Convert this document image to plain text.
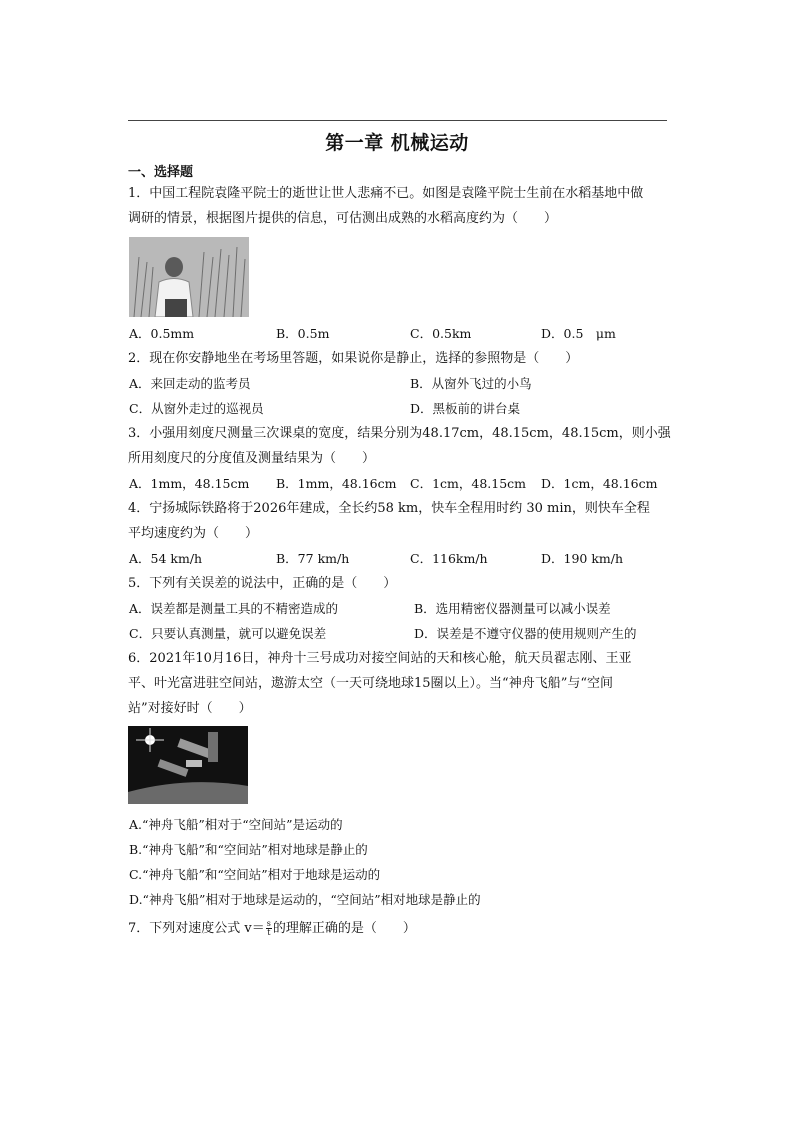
第一章 机械运动
一、选择题
1．中国工程院袁隆平院士的逝世让世人悲痛不已。如图是袁隆平院士生前在水稻基地中做
调研的情景，根据图片提供的信息，可估测出成熟的水稻高度约为（　　）
A．0.5mm	B．0.5m	C．0.5km	D．0.5　μm
2．现在你安静地坐在考场里答题，如果说你是静止，选择的参照物是（　　）
A．来回走动的监考员	B．从窗外飞过的小鸟
C．从窗外走过的巡视员	D．黑板前的讲台桌
3．小强用刻度尺测量三次课桌的宽度，结果分别为48.17cm，48.15cm，48.15cm，则小强
所用刻度尺的分度值及测量结果为（　　）
A．1mm，48.15cm B．1mm，48.16cm C．1cm，48.15cm D．1cm，48.16cm
4．宁扬城际铁路将于2026年建成，全长约58 km，快车全程用时约 30 min，则快车全程
平均速度约为（　　）
A．54 km/h	B．77 km/h	C．116km/h	D．190 km/h
5．下列有关误差的说法中，正确的是（　　）
A．误差都是测量工具的不精密造成的	B．选用精密仪器测量可以减小误差
C．只要认真测量，就可以避免误差	D．误差是不遵守仪器的使用规则产生的
6．2021年10月16日，神舟十三号成功对接空间站的天和核心舱，航天员翟志刚、王亚
平、叶光富进驻空间站，遨游太空（一天可绕地球15圈以上）。当“神舟飞船”与“空间
站”对接好时（　　）
A.“神舟飞船”相对于“空间站”是运动的
B.“神舟飞船”和“空间站”相对地球是静止的
C.“神舟飞船”和“空间站”相对于地球是运动的
D.“神舟飞船”相对于地球是运动的，“空间站”相对地球是静止的
7．下列对速度公式 $v= \frac{s}{t}$ 的理解正确的是（　　）
